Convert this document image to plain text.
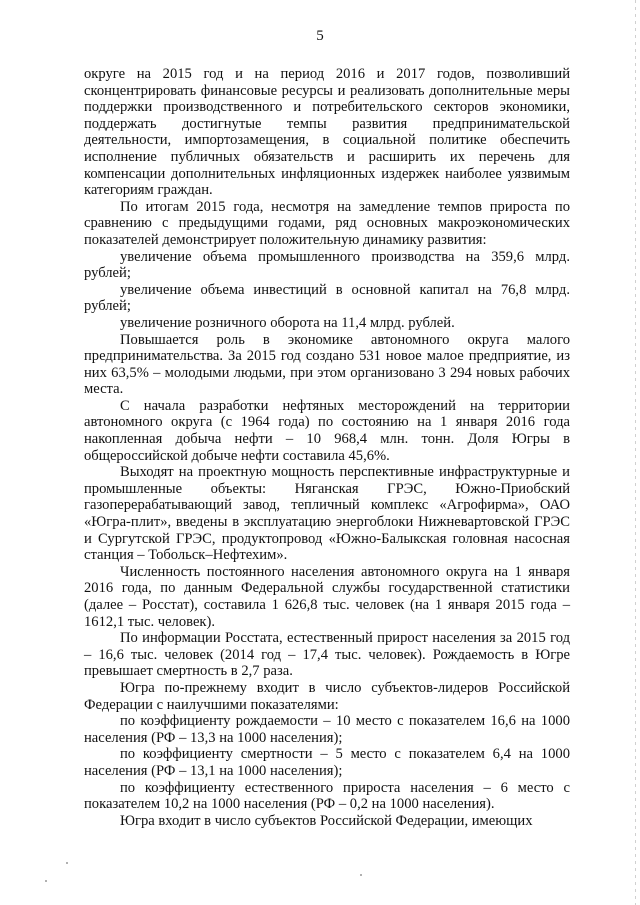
5

округе на 2015 год и на период 2016 и 2017 годов, позволивший сконцентрировать финансовые ресурсы и реализовать дополнительные меры поддержки производственного и потребительского секторов экономики, поддержать достигнутые темпы развития предпринимательской деятельности, импортозамещения, в социальной политике обеспечить исполнение публичных обязательств и расширить их перечень для компенсации дополнительных инфляционных издержек наиболее уязвимым категориям граждан.

По итогам 2015 года, несмотря на замедление темпов прироста по сравнению с предыдущими годами, ряд основных макроэкономических показателей демонстрирует положительную динамику развития:

увеличение объема промышленного производства на 359,6 млрд. рублей;

увеличение объема инвестиций в основной капитал на 76,8 млрд. рублей;

увеличение розничного оборота на 11,4 млрд. рублей.

Повышается роль в экономике автономного округа малого предпринимательства. За 2015 год создано 531 новое малое предприятие, из них 63,5% – молодыми людьми, при этом организовано 3 294 новых рабочих места.

С начала разработки нефтяных месторождений на территории автономного округа (с 1964 года) по состоянию на 1 января 2016 года накопленная добыча нефти – 10 968,4 млн. тонн. Доля Югры в общероссийской добыче нефти составила 45,6%.

Выходят на проектную мощность перспективные инфраструктурные и промышленные объекты: Няганская ГРЭС, Южно-Приобский газоперерабатывающий завод, тепличный комплекс «Агрофирма», ОАО «Югра-плит», введены в эксплуатацию энергоблоки Нижневартовской ГРЭС и Сургутской ГРЭС, продуктопровод «Южно-Балыкская головная насосная станция – Тобольск–Нефтехим».

Численность постоянного населения автономного округа на 1 января 2016 года, по данным Федеральной службы государственной статистики (далее – Росстат), составила 1 626,8 тыс. человек (на 1 января 2015 года – 1612,1 тыс. человек).

По информации Росстата, естественный прирост населения за 2015 год – 16,6 тыс. человек (2014 год – 17,4 тыс. человек). Рождаемость в Югре превышает смертность в 2,7 раза.

Югра по-прежнему входит в число субъектов-лидеров Российской Федерации с наилучшими показателями:

по коэффициенту рождаемости – 10 место с показателем 16,6 на 1000 населения (РФ – 13,3 на 1000 населения);

по коэффициенту смертности – 5 место с показателем 6,4 на 1000 населения (РФ – 13,1 на 1000 населения);

по коэффициенту естественного прироста населения – 6 место с показателем 10,2 на 1000 населения (РФ – 0,2 на 1000 населения).

Югра входит в число субъектов Российской Федерации, имеющих
